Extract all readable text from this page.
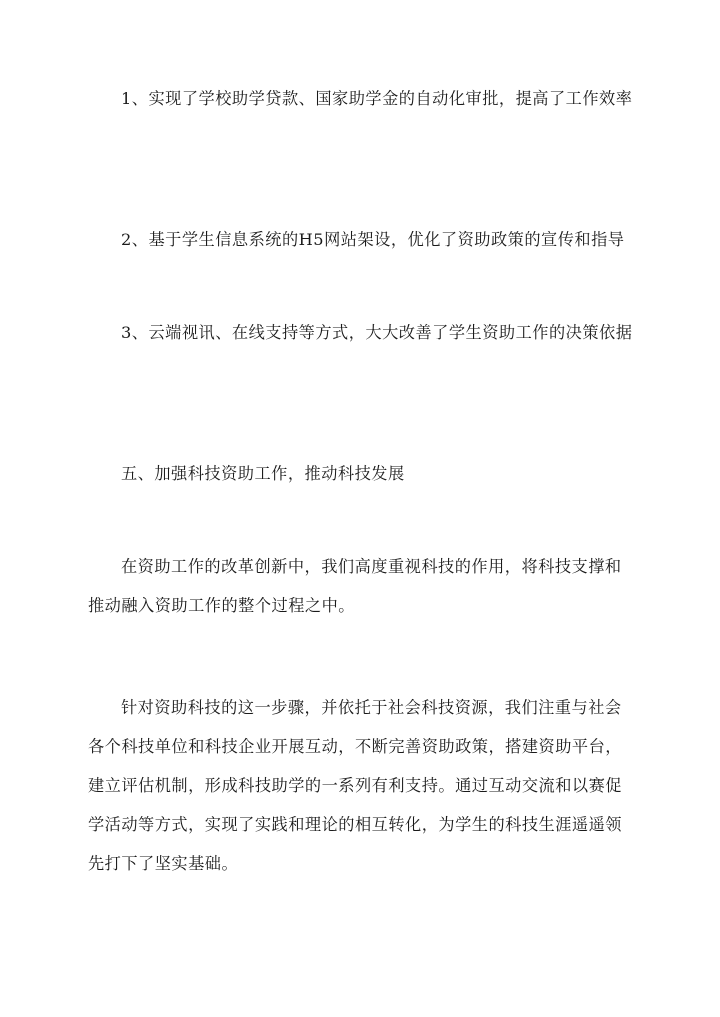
1、实现了学校助学贷款、国家助学金的自动化审批，提高了工作效率

2、基于学生信息系统的H5网站架设，优化了资助政策的宣传和指导

3、云端视讯、在线支持等方式，大大改善了学生资助工作的决策依据

五、加强科技资助工作，推动科技发展

在资助工作的改革创新中，我们高度重视科技的作用，将科技支撑和推动融入资助工作的整个过程之中。

针对资助科技的这一步骤，并依托于社会科技资源，我们注重与社会各个科技单位和科技企业开展互动，不断完善资助政策，搭建资助平台，建立评估机制，形成科技助学的一系列有利支持。通过互动交流和以赛促学活动等方式，实现了实践和理论的相互转化，为学生的科技生涯遥遥领先打下了坚实基础。
